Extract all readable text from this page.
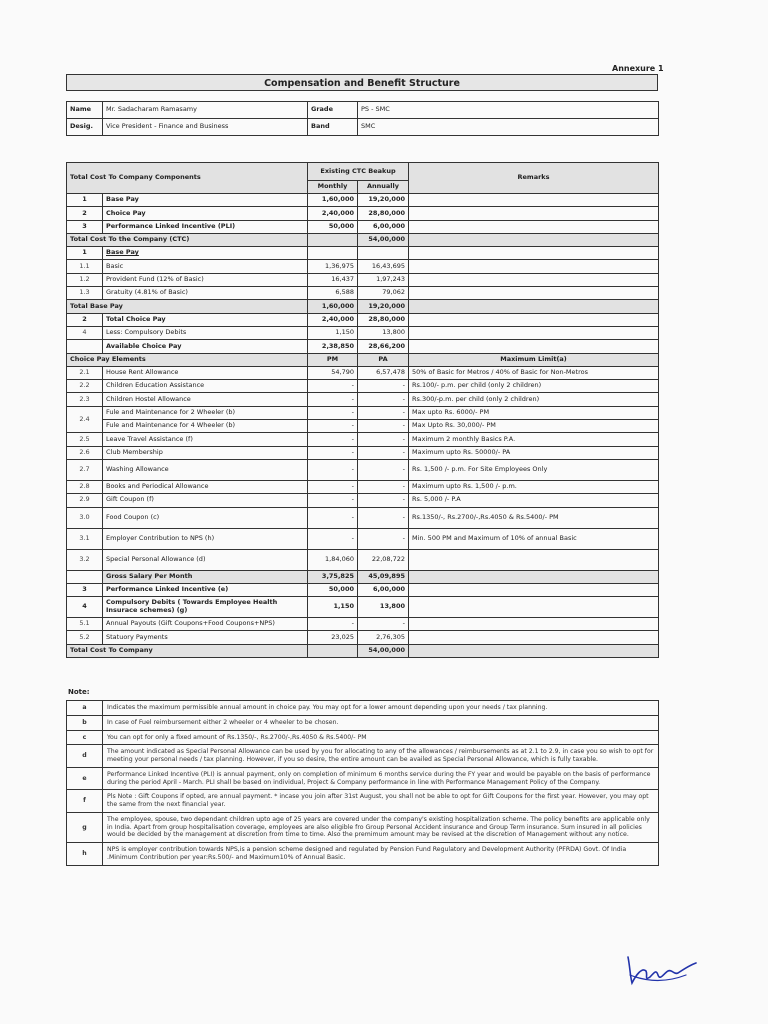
Annexure 1
Compensation and Benefit Structure
Name	Mr. Sadacharam Ramasamy	Grade	PS - SMC
Desig.	Vice President - Finance and Business	Band	SMC
Total Cost To Company Components		Existing CTC Beakup		Remarks
		Monthly	Annually	
1	Base Pay	1,60,000	19,20,000	
2	Choice Pay	2,40,000	28,80,000	
3	Performance Linked Incentive (PLI)	50,000	6,00,000	
Total Cost To the Company (CTC)			54,00,000	
1	Base Pay			
1.1	Basic	1,36,975	16,43,695	
1.2	Provident Fund (12% of Basic)	16,437	1,97,243	
1.3	Gratuity (4.81% of Basic)	6,588	79,062	
Total Base Pay		1,60,000	19,20,000	
2	Total Choice Pay	2,40,000	28,80,000	
4	Less: Compulsory Debits	1,150	13,800	
	Available Choice Pay	2,38,850	28,66,200	
Choice Pay Elements		PM	PA	Maximum Limit(a)
2.1	House Rent Allowance	54,790	6,57,478	50% of Basic for Metros / 40% of Basic for Non-Metros
2.2	Children Education Assistance	-	-	Rs.100/- p.m. per child (only 2 children)
2.3	Children Hostel Allowance	-	-	Rs.300/-p.m. per child (only 2 children)
2.4	Fule and Maintenance for 2 Wheeler (b)	-	-	Max upto Rs. 6000/- PM
	Fule and Maintenance for 4 Wheeler (b)	-	-	Max Upto Rs. 30,000/- PM
2.5	Leave Travel Assistance (f)	-	-	Maximum 2 monthly Basics P.A.
2.6	Club Membership	-	-	Maximum upto Rs. 50000/- PA
2.7	Washing Allowance	-	-	Rs. 1,500 /- p.m. For Site Employees Only
2.8	Books and Periodical Allowance	-	-	Maximum upto Rs. 1,500 /- p.m.
2.9	Gift Coupon (f)	-	-	Rs. 5,000 /- P.A
3.0	Food Coupon (c)	-	-	Rs.1350/-, Rs.2700/-,Rs.4050 & Rs.5400/- PM
3.1	Employer Contribution to NPS (h)	-	-	Min. 500 PM and Maximum of 10% of annual Basic
3.2	Special Personal Allowance (d)	1,84,060	22,08,722	
	Gross Salary Per Month	3,75,825	45,09,895	
3	Performance Linked Incentive (e)	50,000	6,00,000	
4	Compulsory Debits ( Towards Employee Health Insurace schemes) (g)	1,150	13,800	
5.1	Annual Payouts (Gift Coupons+Food Coupons+NPS)	-	-	
5.2	Statuory Payments	23,025	2,76,305	
Total Cost To Company			54,00,000	
Note:
a	Indicates the maximum permissible annual amount in choice pay. You may opt for a lower amount depending upon your needs / tax planning.
b	In case of Fuel reimbursement either 2 wheeler or 4 wheeler to be chosen.
c	You can opt for only a fixed amount of Rs.1350/-, Rs.2700/-,Rs.4050 & Rs.5400/- PM
d	The amount indicated as Special Personal Allowance can be used by you for allocating to any of the allowances / reimbursements as at 2.1 to 2.9, in case you so wish to opt for meeting your personal needs / tax planning. However, if you so desire, the entire amount can be availed as Special Personal Allowance, which is fully taxable.
e	Performance Linked Incentive (PLI) is annual payment, only on completion of minimum 6 months service during the FY year and would be payable on the basis of performance during the period April - March. PLI shall be based on individual, Project & Company performance in line with Performance Management Policy of the Company.
f	Pls Note : Gift Coupons if opted, are annual payment. * incase you join after 31st August, you shall not be able to opt for Gift Coupons for the first year. However, you may opt the same from the next financial year.
g	The employee, spouse, two dependant children upto age of 25 years are covered under the company's existing hospitalization scheme. The policy benefits are applicable only in India. Apart from group hospitalisation coverage, employees are also eligible fro Group Personal Accident insurance and Group Term insurance. Sum insured in all policies would be decided by the management at discretion from time to time. Also the premimum amount may be revised at the discretion of Management without any notice.
h	NPS is employer contribution towards NPS,is a pension scheme designed and regulated by Pension Fund Regulatory and Development Authority (PFRDA) Govt. Of India .Minimum Contribution per year:Rs.500/- and Maximum10% of Annual Basic.
